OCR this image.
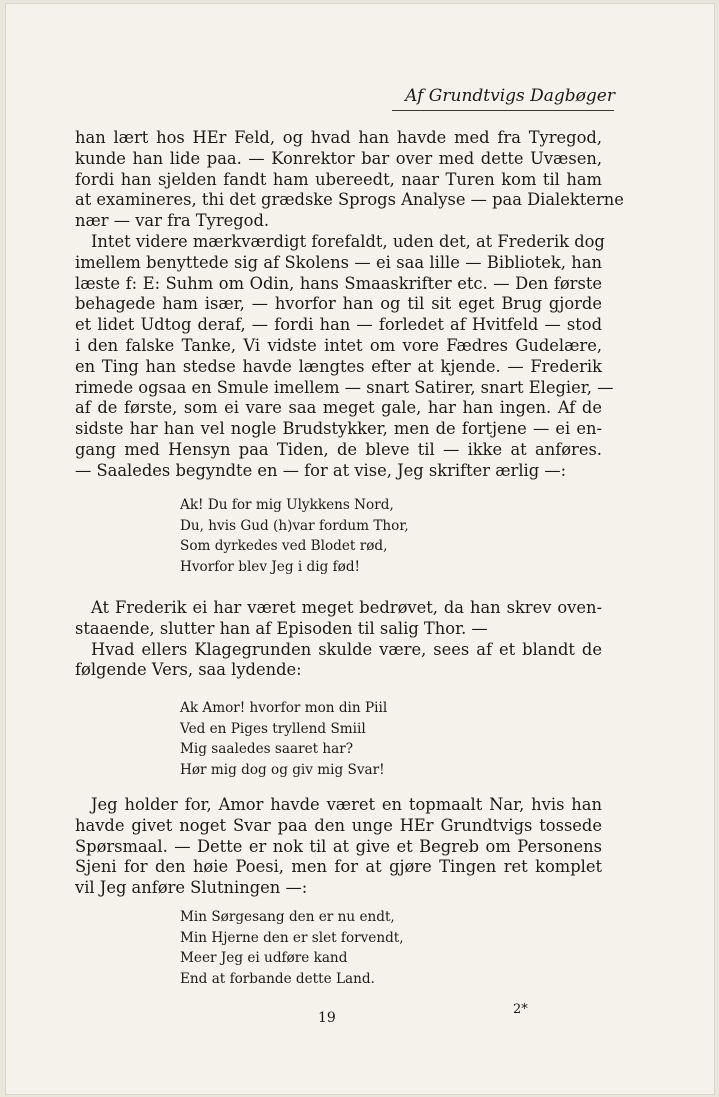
Af Grundtvigs Dagbøger
han lært hos HEr Feld, og hvad han havde med fra Tyregod,
kunde han lide paa. — Konrektor bar over med dette Uvæsen,
fordi han sjelden fandt ham ubereedt, naar Turen kom til ham
at examineres, thi det grædske Sprogs Analyse — paa Dialekterne
nær — var fra Tyregod.
Intet videre mærkværdigt forefaldt, uden det, at Frederik dog
imellem benyttede sig af Skolens — ei saa lille — Bibliotek, han
læste f: E: Suhm om Odin, hans Smaaskrifter etc. — Den første
behagede ham især, — hvorfor han og til sit eget Brug gjorde
et lidet Udtog deraf, — fordi han — forledet af Hvitfeld — stod
i den falske Tanke, Vi vidste intet om vore Fædres Gudelære,
en Ting han stedse havde længtes efter at kjende. — Frederik
rimede ogsaa en Smule imellem — snart Satirer, snart Elegier, —
af de første, som ei vare saa meget gale, har han ingen. Af de
sidste har han vel nogle Brudstykker, men de fortjene — ei en-
gang med Hensyn paa Tiden, de bleve til — ikke at anføres.
— Saaledes begyndte en — for at vise, Jeg skrifter ærlig —:
Ak! Du for mig Ulykkens Nord,
Du, hvis Gud (h)var fordum Thor,
Som dyrkedes ved Blodet rød,
Hvorfor blev Jeg i dig fød!
At Frederik ei har været meget bedrøvet, da han skrev oven-
staaende, slutter han af Episoden til salig Thor. —
Hvad ellers Klagegrunden skulde være, sees af et blandt de
følgende Vers, saa lydende:
Ak Amor! hvorfor mon din Piil
Ved en Piges tryllend Smiil
Mig saaledes saaret har?
Hør mig dog og giv mig Svar!
Jeg holder for, Amor havde været en topmaalt Nar, hvis han
havde givet noget Svar paa den unge HEr Grundtvigs tossede
Spørsmaal. — Dette er nok til at give et Begreb om Personens
Sjeni for den høie Poesi, men for at gjøre Tingen ret komplet
vil Jeg anføre Slutningen —:
Min Sørgesang den er nu endt,
Min Hjerne den er slet forvendt,
Meer Jeg ei udføre kand
End at forbande dette Land.
19
2*
